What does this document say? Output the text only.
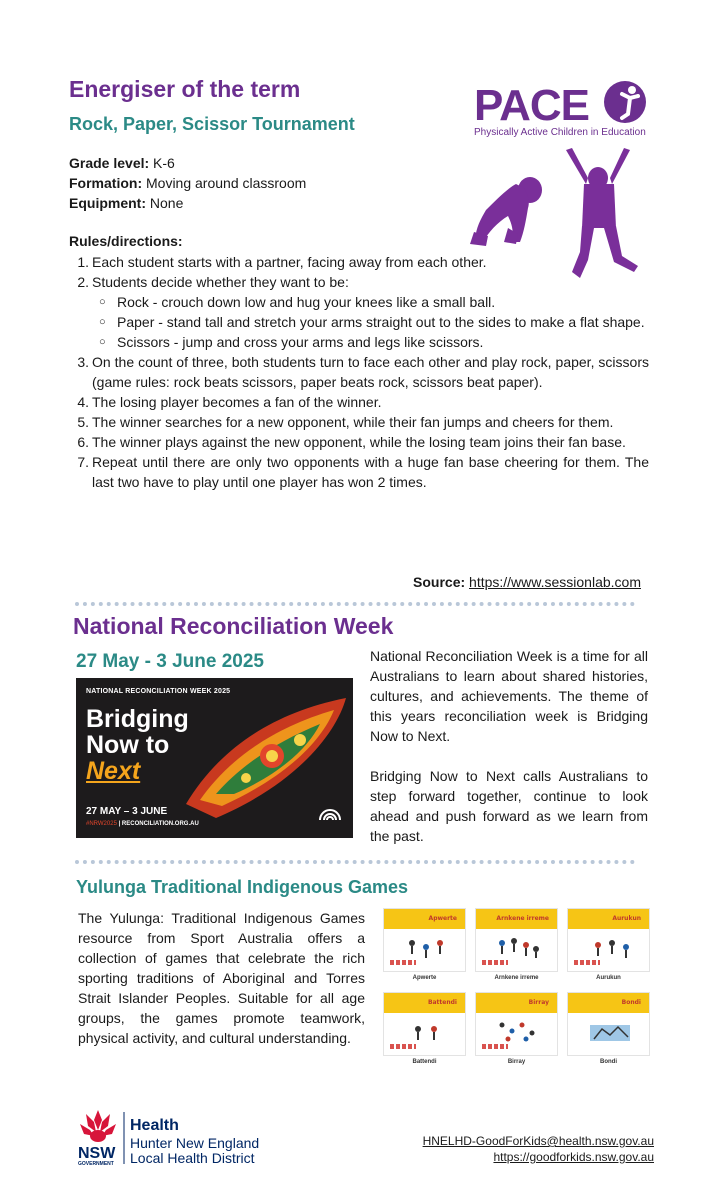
Energiser of the term
Rock, Paper, Scissor Tournament
Grade level: K-6
Formation: Moving around classroom
Equipment: None
PACE
Physically Active Children in Education
Rules/directions:
1. Each student starts with a partner, facing away from each other.
2. Students decide whether they want to be:
○ Rock - crouch down low and hug your knees like a small ball.
○ Paper - stand tall and stretch your arms straight out to the sides to make a flat shape.
○ Scissors - jump and cross your arms and legs like scissors.
3. On the count of three, both students turn to face each other and play rock, paper, scissors (game rules: rock beats scissors, paper beats rock, scissors beat paper).
4. The losing player becomes a fan of the winner.
5. The winner searches for a new opponent, while their fan jumps and cheers for them.
6. The winner plays against the new opponent, while the losing team joins their fan base.
7. Repeat until there are only two opponents with a huge fan base cheering for them. The last two have to play until one player has won 2 times.
Source: https://www.sessionlab.com
National Reconciliation Week
27 May - 3 June 2025
NATIONAL RECONCILIATION WEEK 2025
Bridging
Now to
Next
27 MAY – 3 JUNE
#NRW2025 | RECONCILIATION.ORG.AU

National Reconciliation Week is a time for all Australians to learn about shared histories, cultures, and achievements. The theme of this years reconciliation week is Bridging Now to Next.

Bridging Now to Next calls Australians to step forward together, continue to look ahead and push forward as we learn from the past.

Yulunga Traditional Indigenous Games

The Yulunga: Traditional Indigenous Games resource from Sport Australia offers a collection of games that celebrate the rich sporting traditions of Aboriginal and Torres Strait Islander Peoples. Suitable for all age groups, the games promote teamwork, physical activity, and cultural understanding.

Apwerte
Apwerte
Arnkene irreme
Arnkene irreme
Aurukun
Aurukun
Battendi
Battendi
Birray
Birray
Bondi
Bondi
NSW
GOVERNMENT
Health
Hunter New England
Local Health District
HNELHD-GoodForKids@health.nsw.gov.au
https://goodforkids.nsw.gov.au
